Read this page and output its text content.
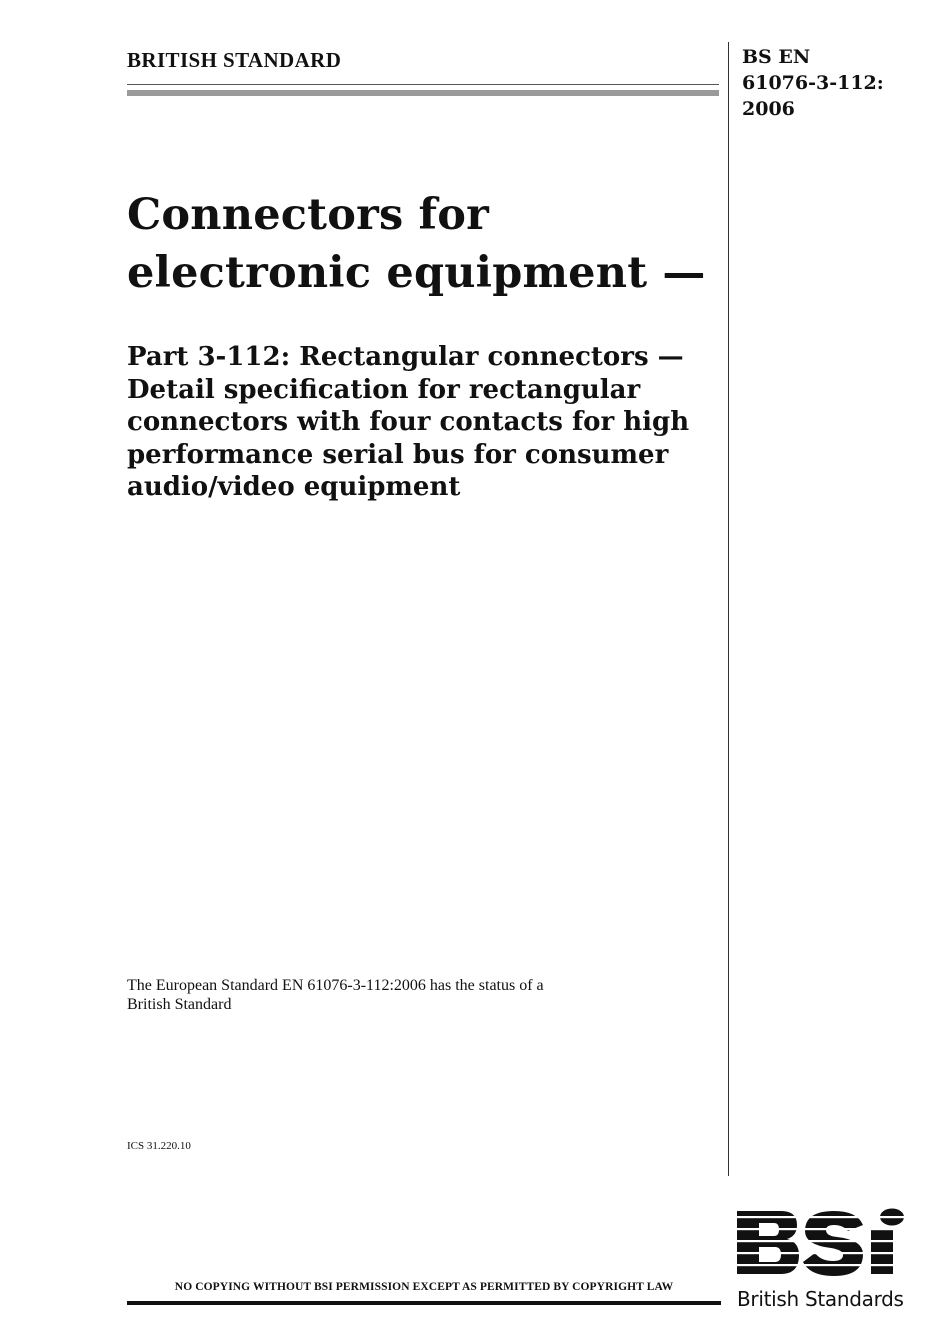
BRITISH STANDARD	BS EN
61076-3-112:
2006
Connectors for
electronic equipment —
Part 3-112: Rectangular connectors —
Detail specification for rectangular
connectors with four contacts for high
performance serial bus for consumer
audio/video equipment
The European Standard EN 61076-3-112:2006 has the status of a
British Standard
ICS 31.220.10
NO COPYING WITHOUT BSI PERMISSION EXCEPT AS PERMITTED BY COPYRIGHT LAW	British Standards
